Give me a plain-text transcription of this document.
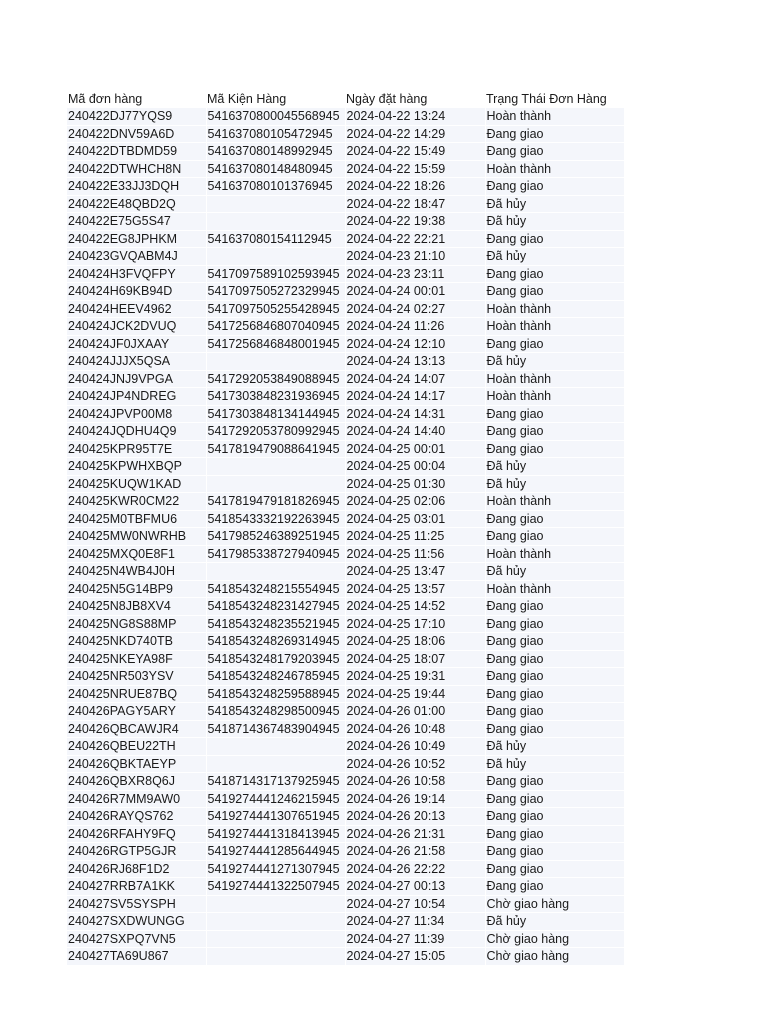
Mã đơn hàng	Mã Kiện Hàng	Ngày đặt hàng	Trạng Thái Đơn Hàng
240422DJ77YQS9	5416370800045568945	2024-04-22 13:24	Hoàn thành
240422DNV59A6D	541637080105472945	2024-04-22 14:29	Đang giao
240422DTBDMD59	541637080148992945	2024-04-22 15:49	Đang giao
240422DTWHCH8N	541637080148480945	2024-04-22 15:59	Hoàn thành
240422E33JJ3DQH	541637080101376945	2024-04-22 18:26	Đang giao
240422E48QBD2Q		2024-04-22 18:47	Đã hủy
240422E75G5S47		2024-04-22 19:38	Đã hủy
240422EG8JPHKM	541637080154112945	2024-04-22 22:21	Đang giao
240423GVQABM4J		2024-04-23 21:10	Đã hủy
240424H3FVQFPY	5417097589102593945	2024-04-23 23:11	Đang giao
240424H69KB94D	5417097505272329945	2024-04-24 00:01	Đang giao
240424HEEV4962	5417097505255428945	2024-04-24 02:27	Hoàn thành
240424JCK2DVUQ	5417256846807040945	2024-04-24 11:26	Hoàn thành
240424JF0JXAAY	5417256846848001945	2024-04-24 12:10	Đang giao
240424JJJX5QSA		2024-04-24 13:13	Đã hủy
240424JNJ9VPGA	5417292053849088945	2024-04-24 14:07	Hoàn thành
240424JP4NDREG	5417303848231936945	2024-04-24 14:17	Hoàn thành
240424JPVP00M8	5417303848134144945	2024-04-24 14:31	Đang giao
240424JQDHU4Q9	5417292053780992945	2024-04-24 14:40	Đang giao
240425KPR95T7E	5417819479088641945	2024-04-25 00:01	Đang giao
240425KPWHXBQP		2024-04-25 00:04	Đã hủy
240425KUQW1KAD		2024-04-25 01:30	Đã hủy
240425KWR0CM22	5417819479181826945	2024-04-25 02:06	Hoàn thành
240425M0TBFMU6	5418543332192263945	2024-04-25 03:01	Đang giao
240425MW0NWRHB	5417985246389251945	2024-04-25 11:25	Đang giao
240425MXQ0E8F1	5417985338727940945	2024-04-25 11:56	Hoàn thành
240425N4WB4J0H		2024-04-25 13:47	Đã hủy
240425N5G14BP9	5418543248215554945	2024-04-25 13:57	Hoàn thành
240425N8JB8XV4	5418543248231427945	2024-04-25 14:52	Đang giao
240425NG8S88MP	5418543248235521945	2024-04-25 17:10	Đang giao
240425NKD740TB	5418543248269314945	2024-04-25 18:06	Đang giao
240425NKEYA98F	5418543248179203945	2024-04-25 18:07	Đang giao
240425NR503YSV	5418543248246785945	2024-04-25 19:31	Đang giao
240425NRUE87BQ	5418543248259588945	2024-04-25 19:44	Đang giao
240426PAGY5ARY	5418543248298500945	2024-04-26 01:00	Đang giao
240426QBCAWJR4	5418714367483904945	2024-04-26 10:48	Đang giao
240426QBEU22TH		2024-04-26 10:49	Đã hủy
240426QBKTAEYP		2024-04-26 10:52	Đã hủy
240426QBXR8Q6J	5418714317137925945	2024-04-26 10:58	Đang giao
240426R7MM9AW0	5419274441246215945	2024-04-26 19:14	Đang giao
240426RAYQS762	5419274441307651945	2024-04-26 20:13	Đang giao
240426RFAHY9FQ	5419274441318413945	2024-04-26 21:31	Đang giao
240426RGTP5GJR	5419274441285644945	2024-04-26 21:58	Đang giao
240426RJ68F1D2	5419274441271307945	2024-04-26 22:22	Đang giao
240427RRB7A1KK	5419274441322507945	2024-04-27 00:13	Đang giao
240427SV5SYSPH		2024-04-27 10:54	Chờ giao hàng
240427SXDWUNGG		2024-04-27 11:34	Đã hủy
240427SXPQ7VN5		2024-04-27 11:39	Chờ giao hàng
240427TA69U867		2024-04-27 15:05	Chờ giao hàng
